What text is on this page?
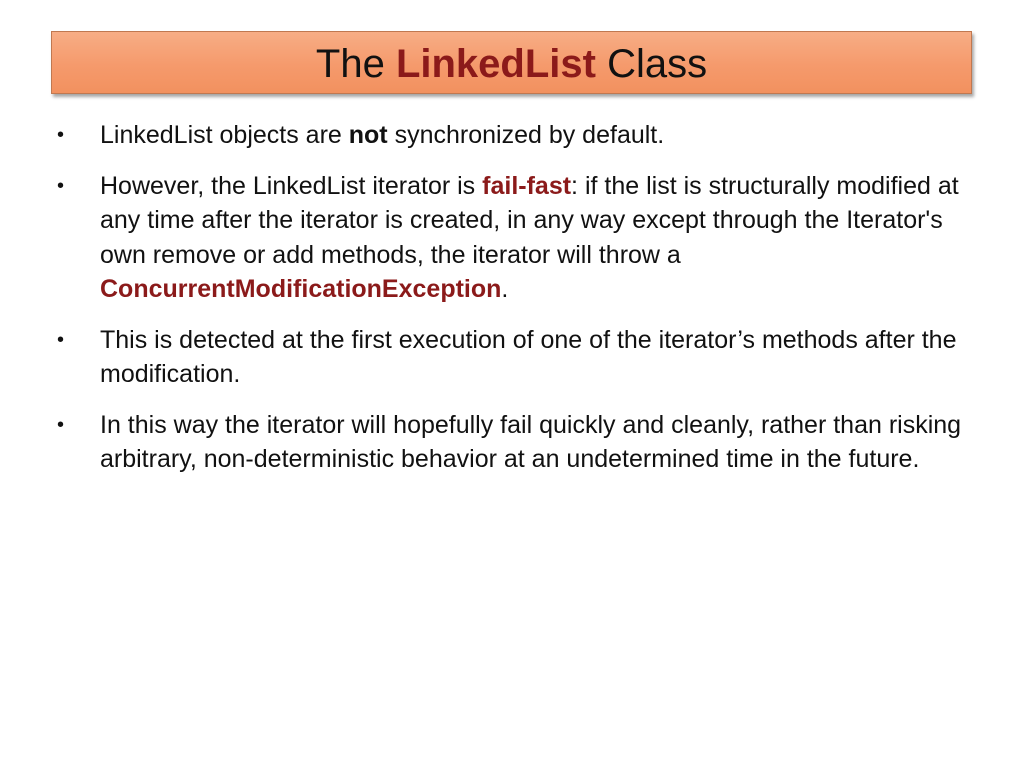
The LinkedList Class
• LinkedList objects are not synchronized by default.
• However, the LinkedList iterator is fail-fast: if the list is structurally modified at any time after the iterator is created, in any way except through the Iterator's own remove or add methods, the iterator will throw a ConcurrentModificationException.
• This is detected at the first execution of one of the iterator’s methods after the modification.
• In this way the iterator will hopefully fail quickly and cleanly, rather than risking arbitrary, non-deterministic behavior at an undetermined time in the future.
